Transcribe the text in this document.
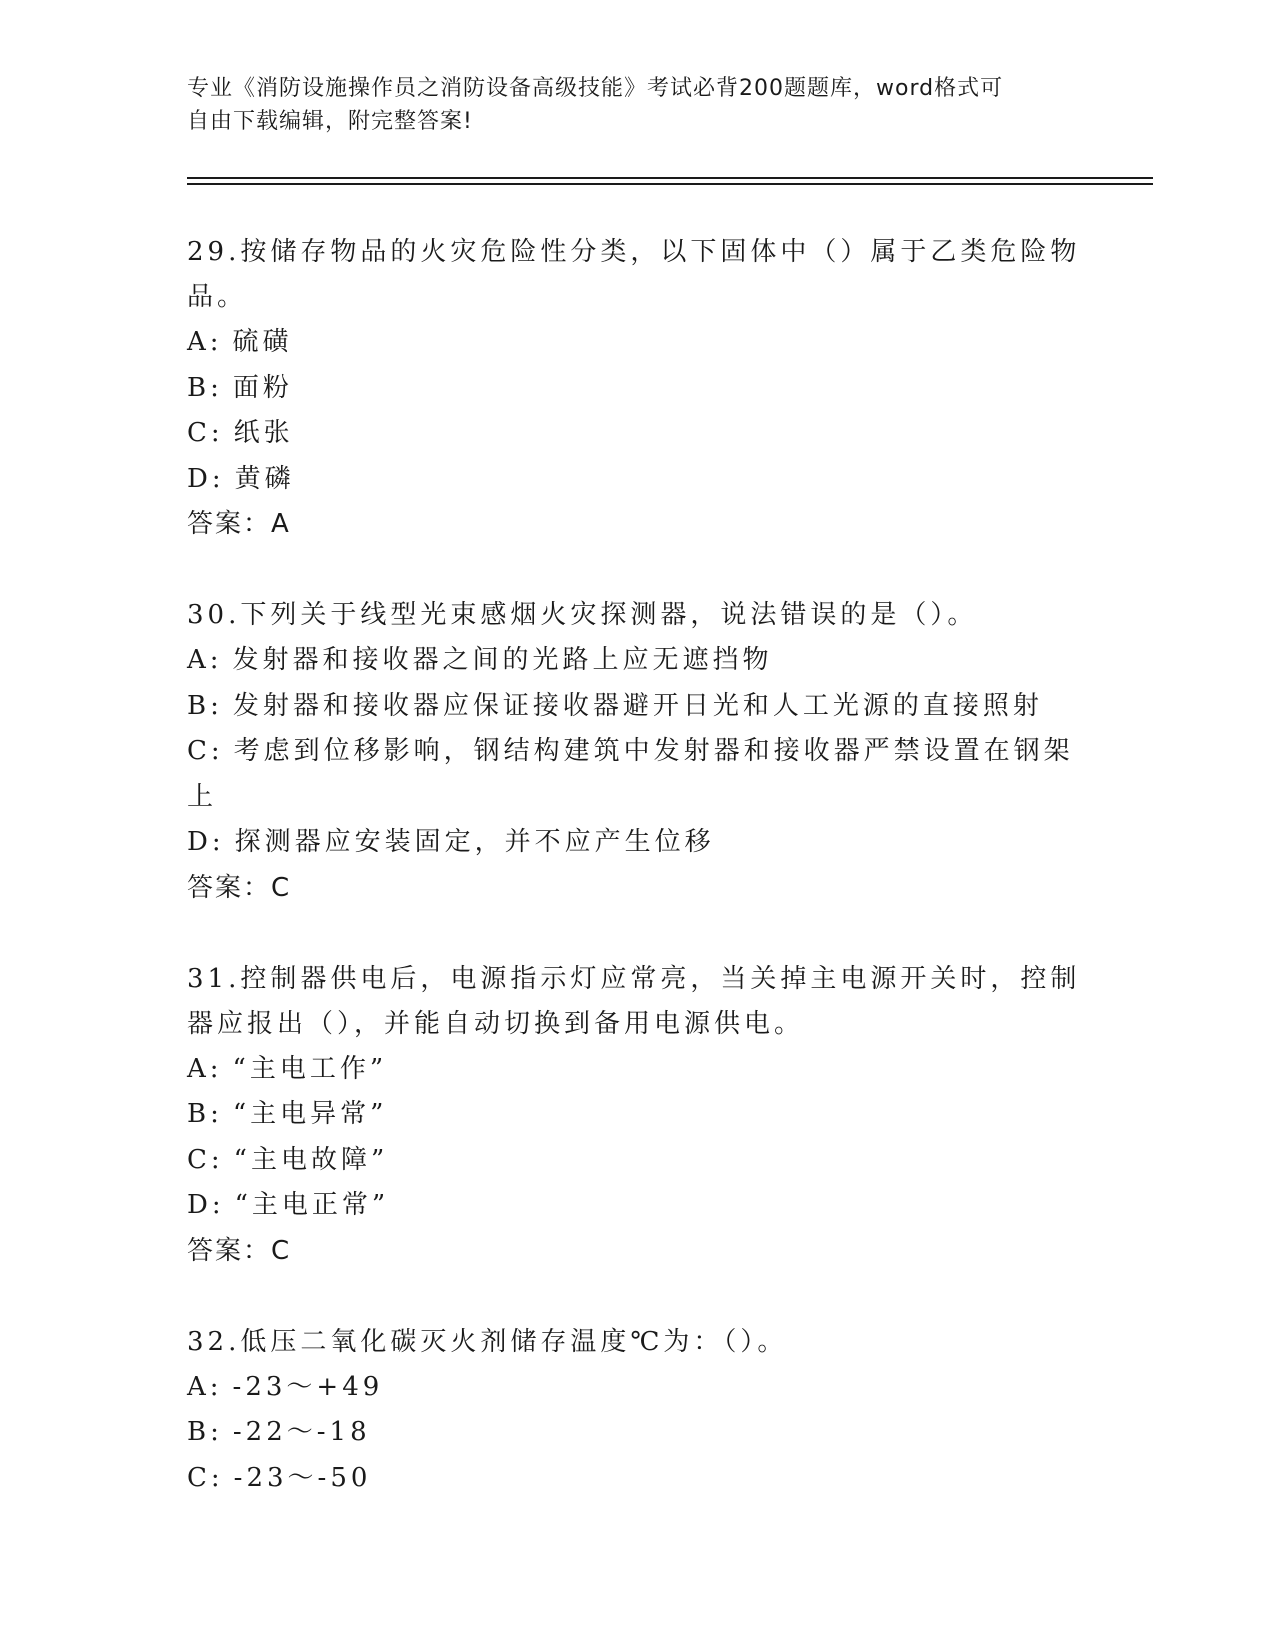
专业《消防设施操作员之消防设备高级技能》考试必背200题题库，word格式可
自由下载编辑，附完整答案!

29.按储存物品的火灾危险性分类，以下固体中（）属于乙类危险物品。

A: 硫磺

B: 面粉

C: 纸张

D: 黄磷

答案：A

30.下列关于线型光束感烟火灾探测器，说法错误的是（）。

A: 发射器和接收器之间的光路上应无遮挡物

B: 发射器和接收器应保证接收器避开日光和人工光源的直接照射

C: 考虑到位移影响，钢结构建筑中发射器和接收器严禁设置在钢架上

D: 探测器应安装固定，并不应产生位移

答案：C

31.控制器供电后，电源指示灯应常亮，当关掉主电源开关时，控制器应报出（），并能自动切换到备用电源供电。

A: “主电工作”

B: “主电异常”

C: “主电故障”

D: “主电正常”

答案：C

32.低压二氧化碳灭火剂储存温度℃为：（）。

A: -23～+49

B: -22～-18

C: -23～-50
